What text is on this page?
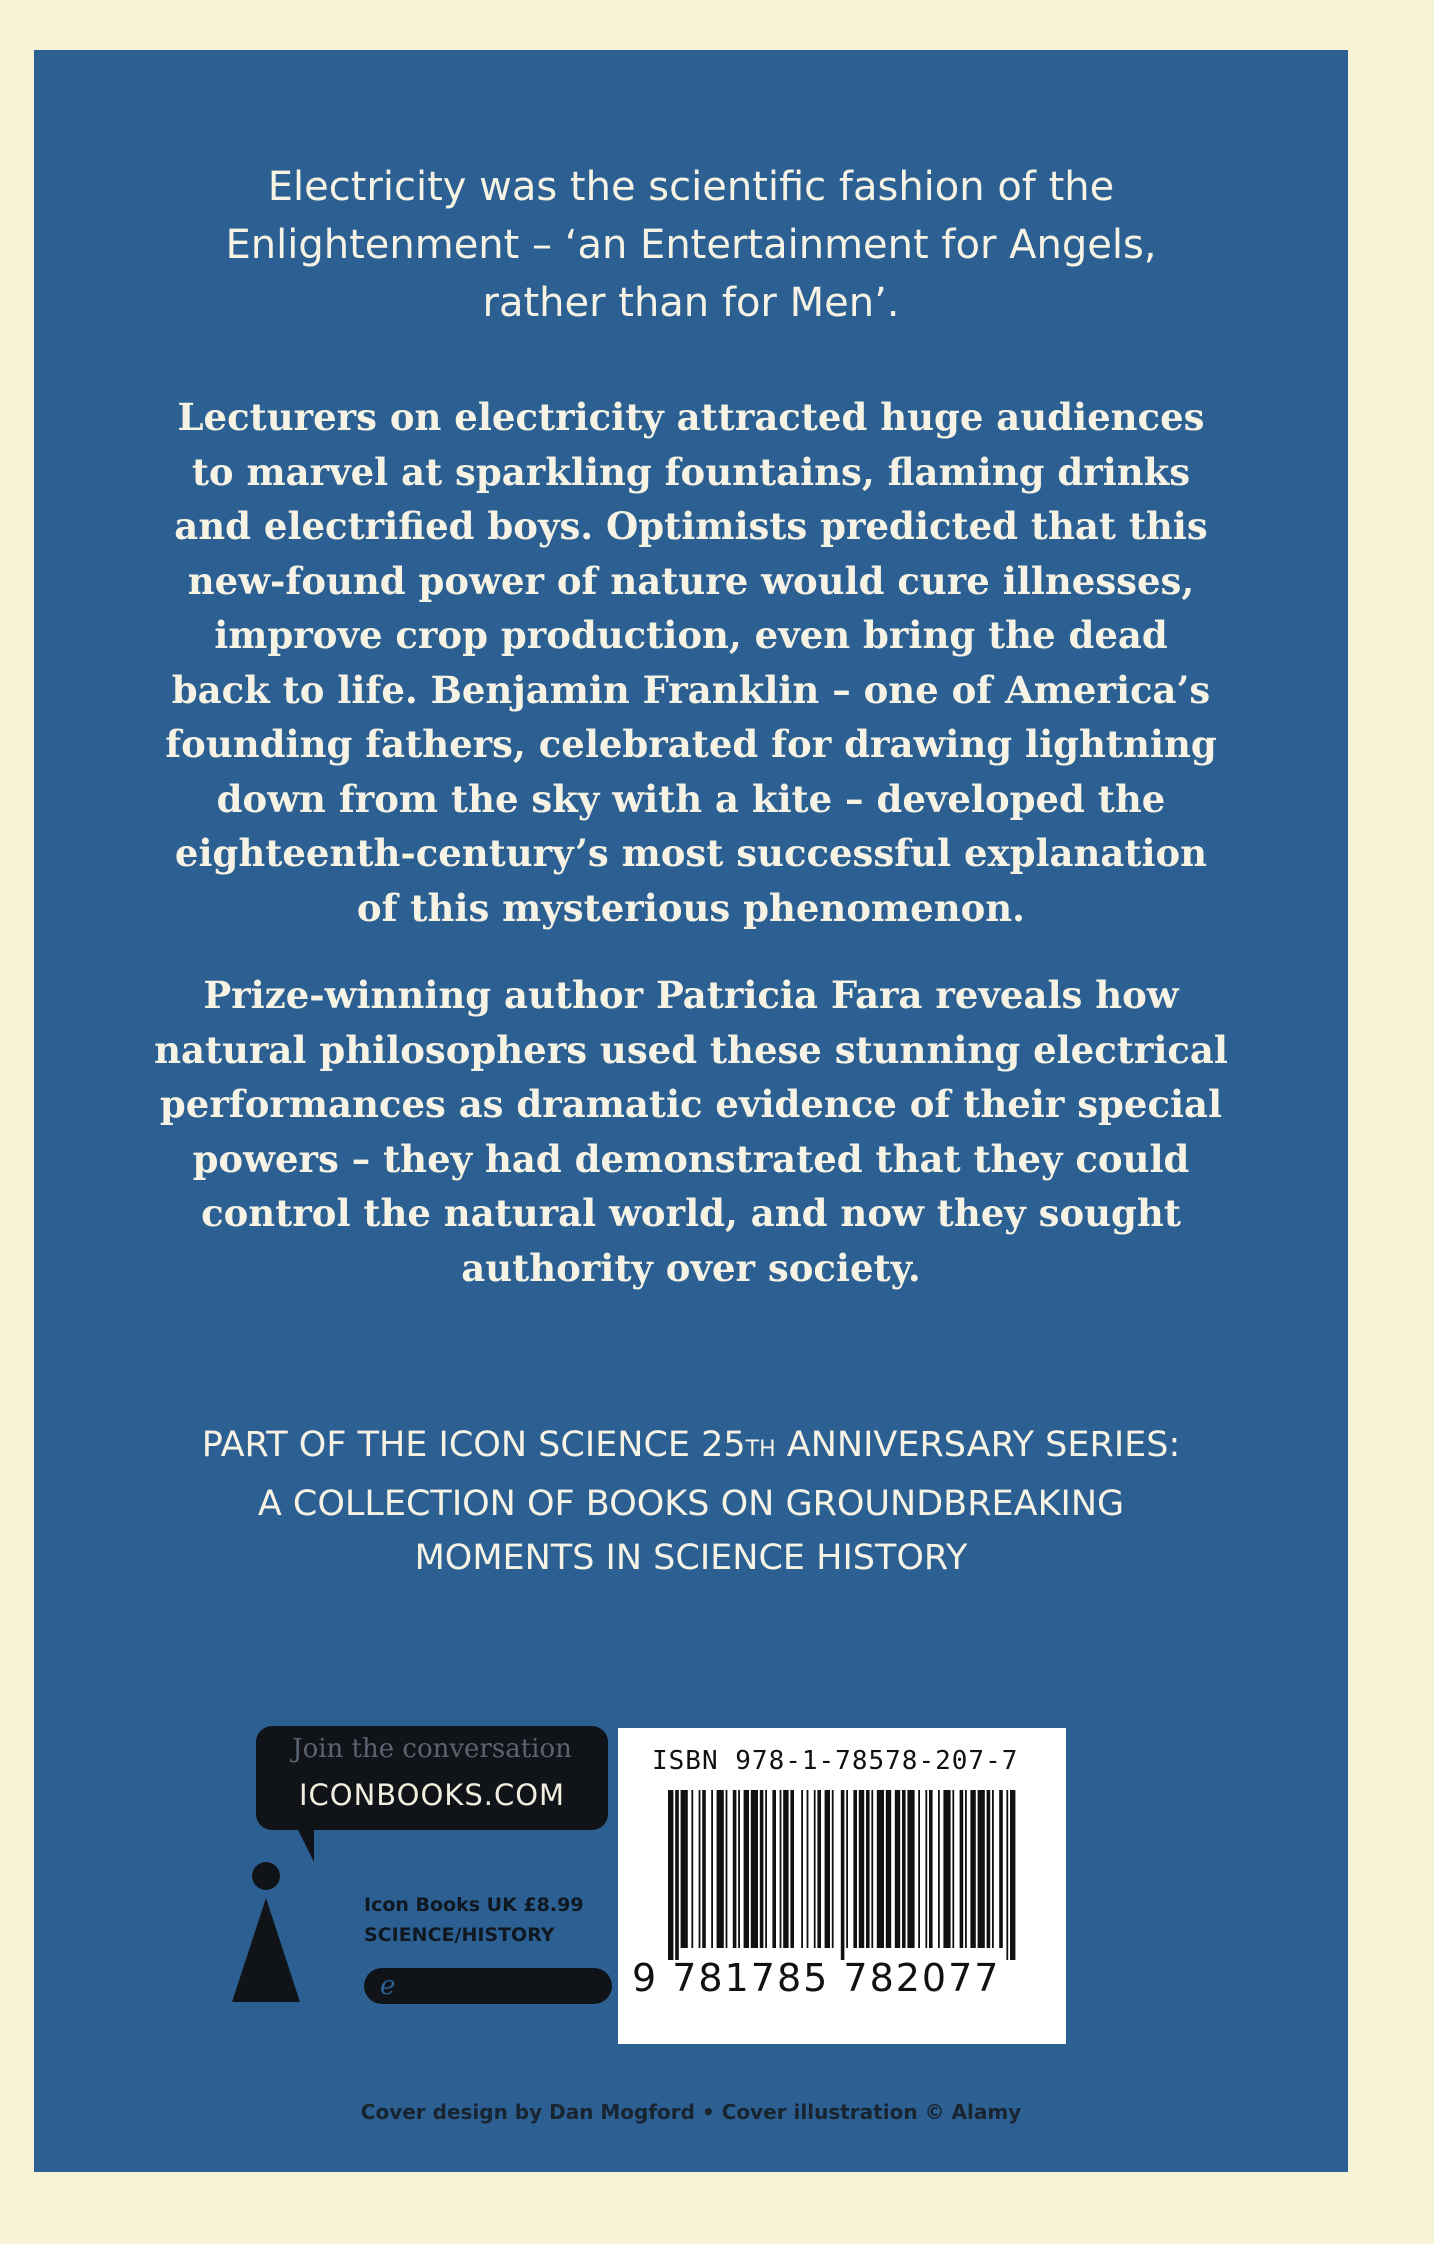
Electricity was the scientific fashion of the
Enlightenment – ‘an Entertainment for Angels,
rather than for Men’.
Lecturers on electricity attracted huge audiences
to marvel at sparkling fountains, flaming drinks
and electrified boys. Optimists predicted that this
new-found power of nature would cure illnesses,
improve crop production, even bring the dead
back to life. Benjamin Franklin – one of America’s
founding fathers, celebrated for drawing lightning
down from the sky with a kite – developed the
eighteenth-century’s most successful explanation
of this mysterious phenomenon.
Prize-winning author Patricia Fara reveals how
natural philosophers used these stunning electrical
performances as dramatic evidence of their special
powers – they had demonstrated that they could
control the natural world, and now they sought
authority over society.
PART OF THE ICON SCIENCE 25TH ANNIVERSARY SERIES:
A COLLECTION OF BOOKS ON GROUNDBREAKING
MOMENTS IN SCIENCE HISTORY
Cover design by Dan Mogford • Cover illustration © Alamy
Join the conversation
ICONBOOKS.COM
Icon Books UK £8.99
SCIENCE/HISTORY
e
ISBN 978-1-78578-207-7
9 781785 782077
